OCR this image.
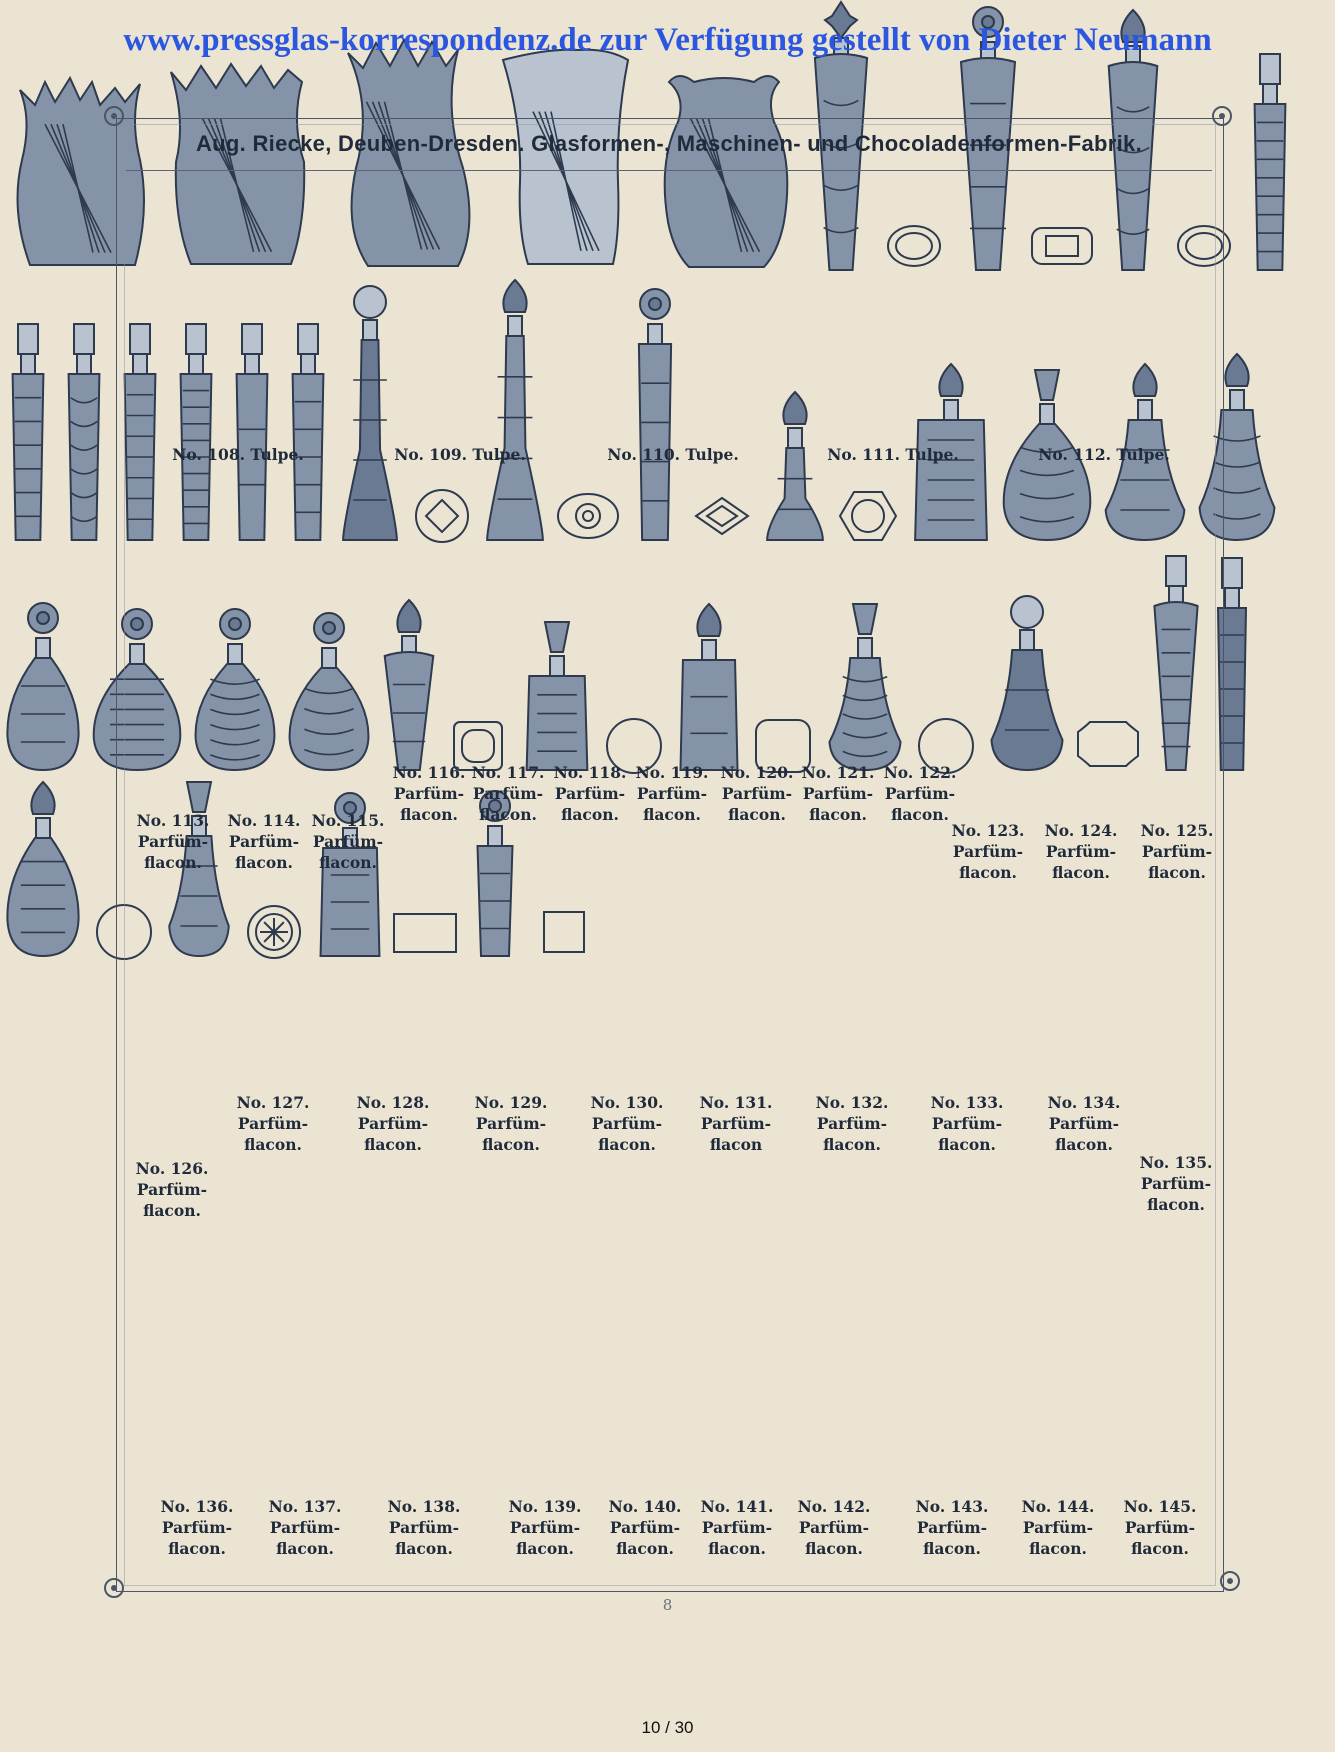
www.pressglas-korrespondenz.de zur Verfügung gestellt von Dieter Neumann
Aug. Riecke, Deuben-Dresden. Glasformen-, Maschinen- und Chocoladenformen-Fabrik.
No. 108. Tulpe.	No. 109. Tulpe.	No. 110. Tulpe.	No. 111. Tulpe.	No. 112. Tulpe.
No. 113.
Parfüm-
flacon.
No. 114.
Parfüm-
flacon.
No. 115.
Parfüm-
flacon.
No. 116.
Parfüm-
flacon.
No. 117.
Parfüm-
flacon.
No. 118.
Parfüm-
flacon.
No. 119.
Parfüm-
flacon.
No. 120.
Parfüm-
flacon.
No. 121.
Parfüm-
flacon.
No. 122.
Parfüm-
flacon.
No. 123.
Parfüm-
flacon.
No. 124.
Parfüm-
flacon.
No. 125.
Parfüm-
flacon.
No. 126.
Parfüm-
flacon.
No. 127.
Parfüm-
flacon.
No. 128.
Parfüm-
flacon.
No. 129.
Parfüm-
flacon.
No. 130.
Parfüm-
flacon.
No. 131.
Parfüm-
flacon
No. 132.
Parfüm-
flacon.
No. 133.
Parfüm-
flacon.
No. 134.
Parfüm-
flacon.
No. 135.
Parfüm-
flacon.
No. 136.
Parfüm-
flacon.
No. 137.
Parfüm-
flacon.
No. 138.
Parfüm-
flacon.
No. 139.
Parfüm-
flacon.
No. 140.
Parfüm-
flacon.
No. 141.
Parfüm-
flacon.
No. 142.
Parfüm-
flacon.
No. 143.
Parfüm-
flacon.
No. 144.
Parfüm-
flacon.
No. 145.
Parfüm-
flacon.
8
10 / 30
